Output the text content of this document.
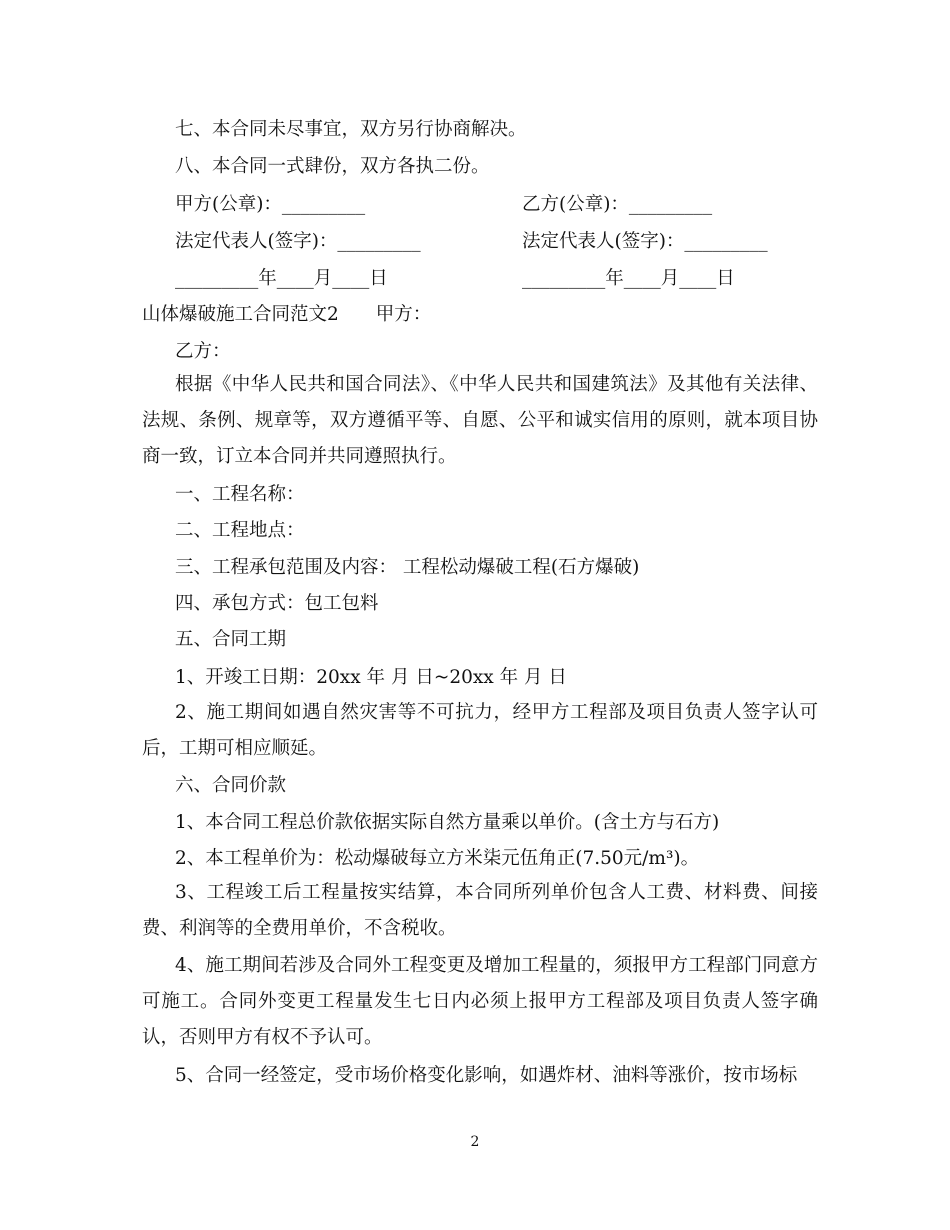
七、本合同未尽事宜，双方另行协商解决。

八、本合同一式肆份，双方各执二份。

甲方(公章)：_________	乙方(公章)：_________

法定代表人(签字)：_________	法定代表人(签字)：_________

_________年____月____日	_________年____月____日

山体爆破施工合同范文2　　甲方：

乙方：

根据《中华人民共和国合同法》、《中华人民共和国建筑法》及其他有关法律、法规、条例、规章等，双方遵循平等、自愿、公平和诚实信用的原则，就本项目协商一致，订立本合同并共同遵照执行。

一、工程名称：

二、工程地点：

三、工程承包范围及内容： 工程松动爆破工程(石方爆破)

四、承包方式：包工包料

五、合同工期

1、开竣工日期：20xx 年 月 日~20xx 年 月 日

2、施工期间如遇自然灾害等不可抗力，经甲方工程部及项目负责人签字认可后，工期可相应顺延。

六、合同价款

1、本合同工程总价款依据实际自然方量乘以单价。(含土方与石方)

2、本工程单价为：松动爆破每立方米柒元伍角正(7.50元/m³)。

3、工程竣工后工程量按实结算，本合同所列单价包含人工费、材料费、间接费、利润等的全费用单价，不含税收。

4、施工期间若涉及合同外工程变更及增加工程量的，须报甲方工程部门同意方可施工。合同外变更工程量发生七日内必须上报甲方工程部及项目负责人签字确认，否则甲方有权不予认可。

5、合同一经签定，受市场价格变化影响，如遇炸材、油料等涨价，按市场标

2
